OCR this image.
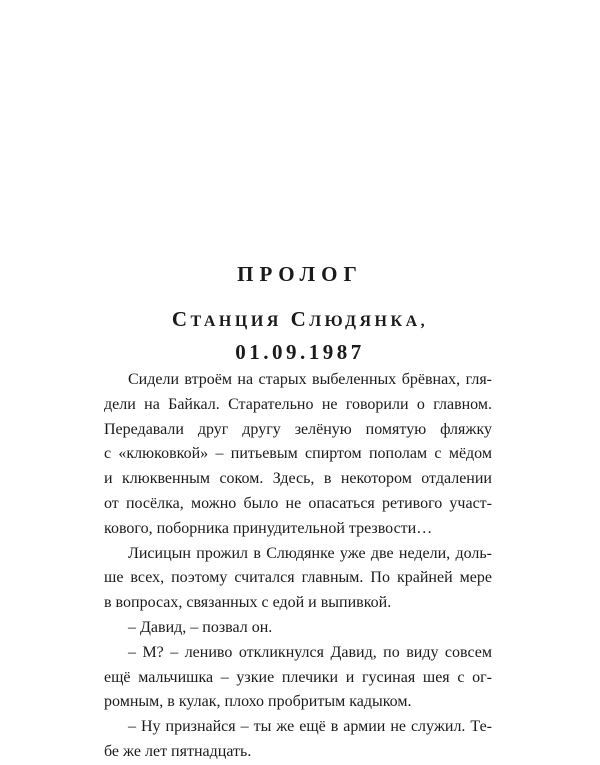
ПРОЛОГ
СТАНЦИЯ СЛЮДЯНКА,
01.09.1987
Сидели втроём на старых выбеленных брёвнах, гля-
дели на Байкал. Старательно не говорили о главном.
Передавали друг другу зелёную помятую фляжку
с «клюковкой» – питьевым спиртом пополам с мёдом
и клюквенным соком. Здесь, в некотором отдалении
от посёлка, можно было не опасаться ретивого участ-
кового, поборника принудительной трезвости…
Лисицын прожил в Слюдянке уже две недели, доль-
ше всех, поэтому считался главным. По крайней мере
в вопросах, связанных с едой и выпивкой.
– Давид, – позвал он.
– М? – лениво откликнулся Давид, по виду совсем
ещё мальчишка – узкие плечики и гусиная шея с ог-
ромным, в кулак, плохо пробритым кадыком.
– Ну признайся – ты же ещё в армии не служил. Те-
бе же лет пятнадцать.
